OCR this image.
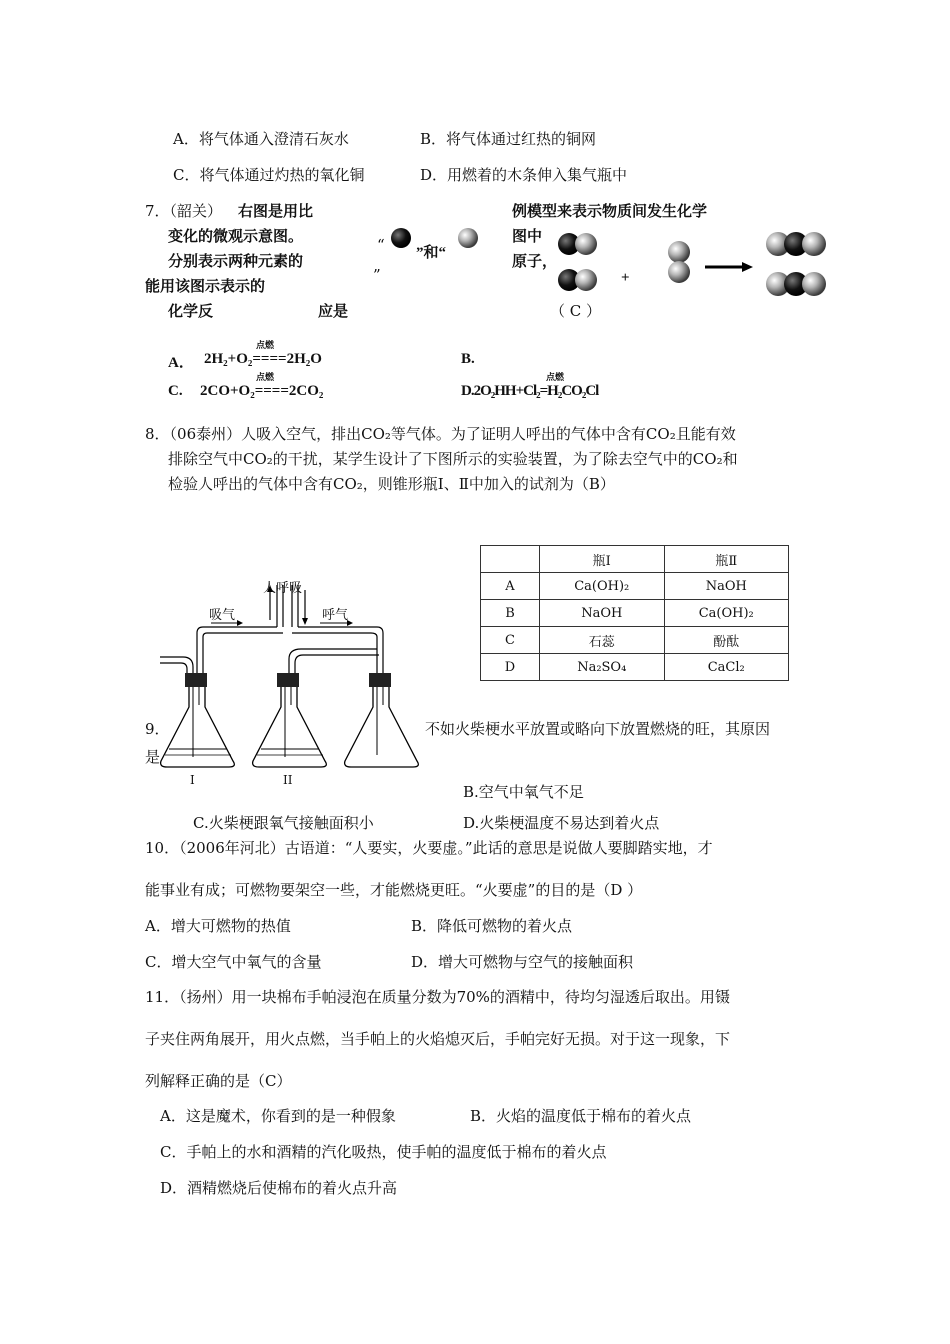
A．将气体通入澄清石灰水	B．将气体通过红热的铜网
C．将气体通过灼热的氧化铜	D．用燃着的木条伸入集气瓶中
7．（韶关） 右图是用比	例模型来表示物质间发生化学
变化的微观示意图。	图中
分别表示两种元素的
“ ”和“
”
原子，
能用该图示表示的
化学反	应是	（ C ）
+
点燃
A． 2H₂+O₂====2H₂O	B.
点燃
C. 2CO+O₂====2CO₂
点燃
D.2O₂HH+Cl₂=H₂CO₂Cl
8．（06泰州）人吸入空气，排出CO₂等气体。为了证明人呼出的气体中含有CO₂且能有效
排除空气中CO₂的干扰，某学生设计了下图所示的实验装置，为了除去空气中的CO₂和
检验人呼出的气体中含有CO₂，则锥形瓶Ⅰ、Ⅱ中加入的试剂为（B）
人呼吸
吸气	呼气
I	II
	瓶Ⅰ	瓶Ⅱ
A	Ca(OH)₂	NaOH
B	NaOH	Ca(OH)₂
C	石蕊	酚酞
D	Na₂SO₄	CaCl₂
9．	不如火柴梗水平放置或略向下放置燃烧的旺，其原因
是
B.空气中氧气不足
C.火柴梗跟氧气接触面积小	D.火柴梗温度不易达到着火点
10．（2006年河北）古语道：“人要实，火要虚。”此话的意思是说做人要脚踏实地，才
能事业有成；可燃物要架空一些，才能燃烧更旺。“火要虚”的目的是（D ）
A．增大可燃物的热值	B．降低可燃物的着火点
C．增大空气中氧气的含量	D．增大可燃物与空气的接触面积
11．（扬州）用一块棉布手帕浸泡在质量分数为70%的酒精中，待均匀湿透后取出。用镊
子夹住两角展开，用火点燃，当手帕上的火焰熄灭后，手帕完好无损。对于这一现象，下
列解释正确的是（C）
A．这是魔术，你看到的是一种假象	B．火焰的温度低于棉布的着火点
C．手帕上的水和酒精的汽化吸热，使手帕的温度低于棉布的着火点
D．酒精燃烧后使棉布的着火点升高
